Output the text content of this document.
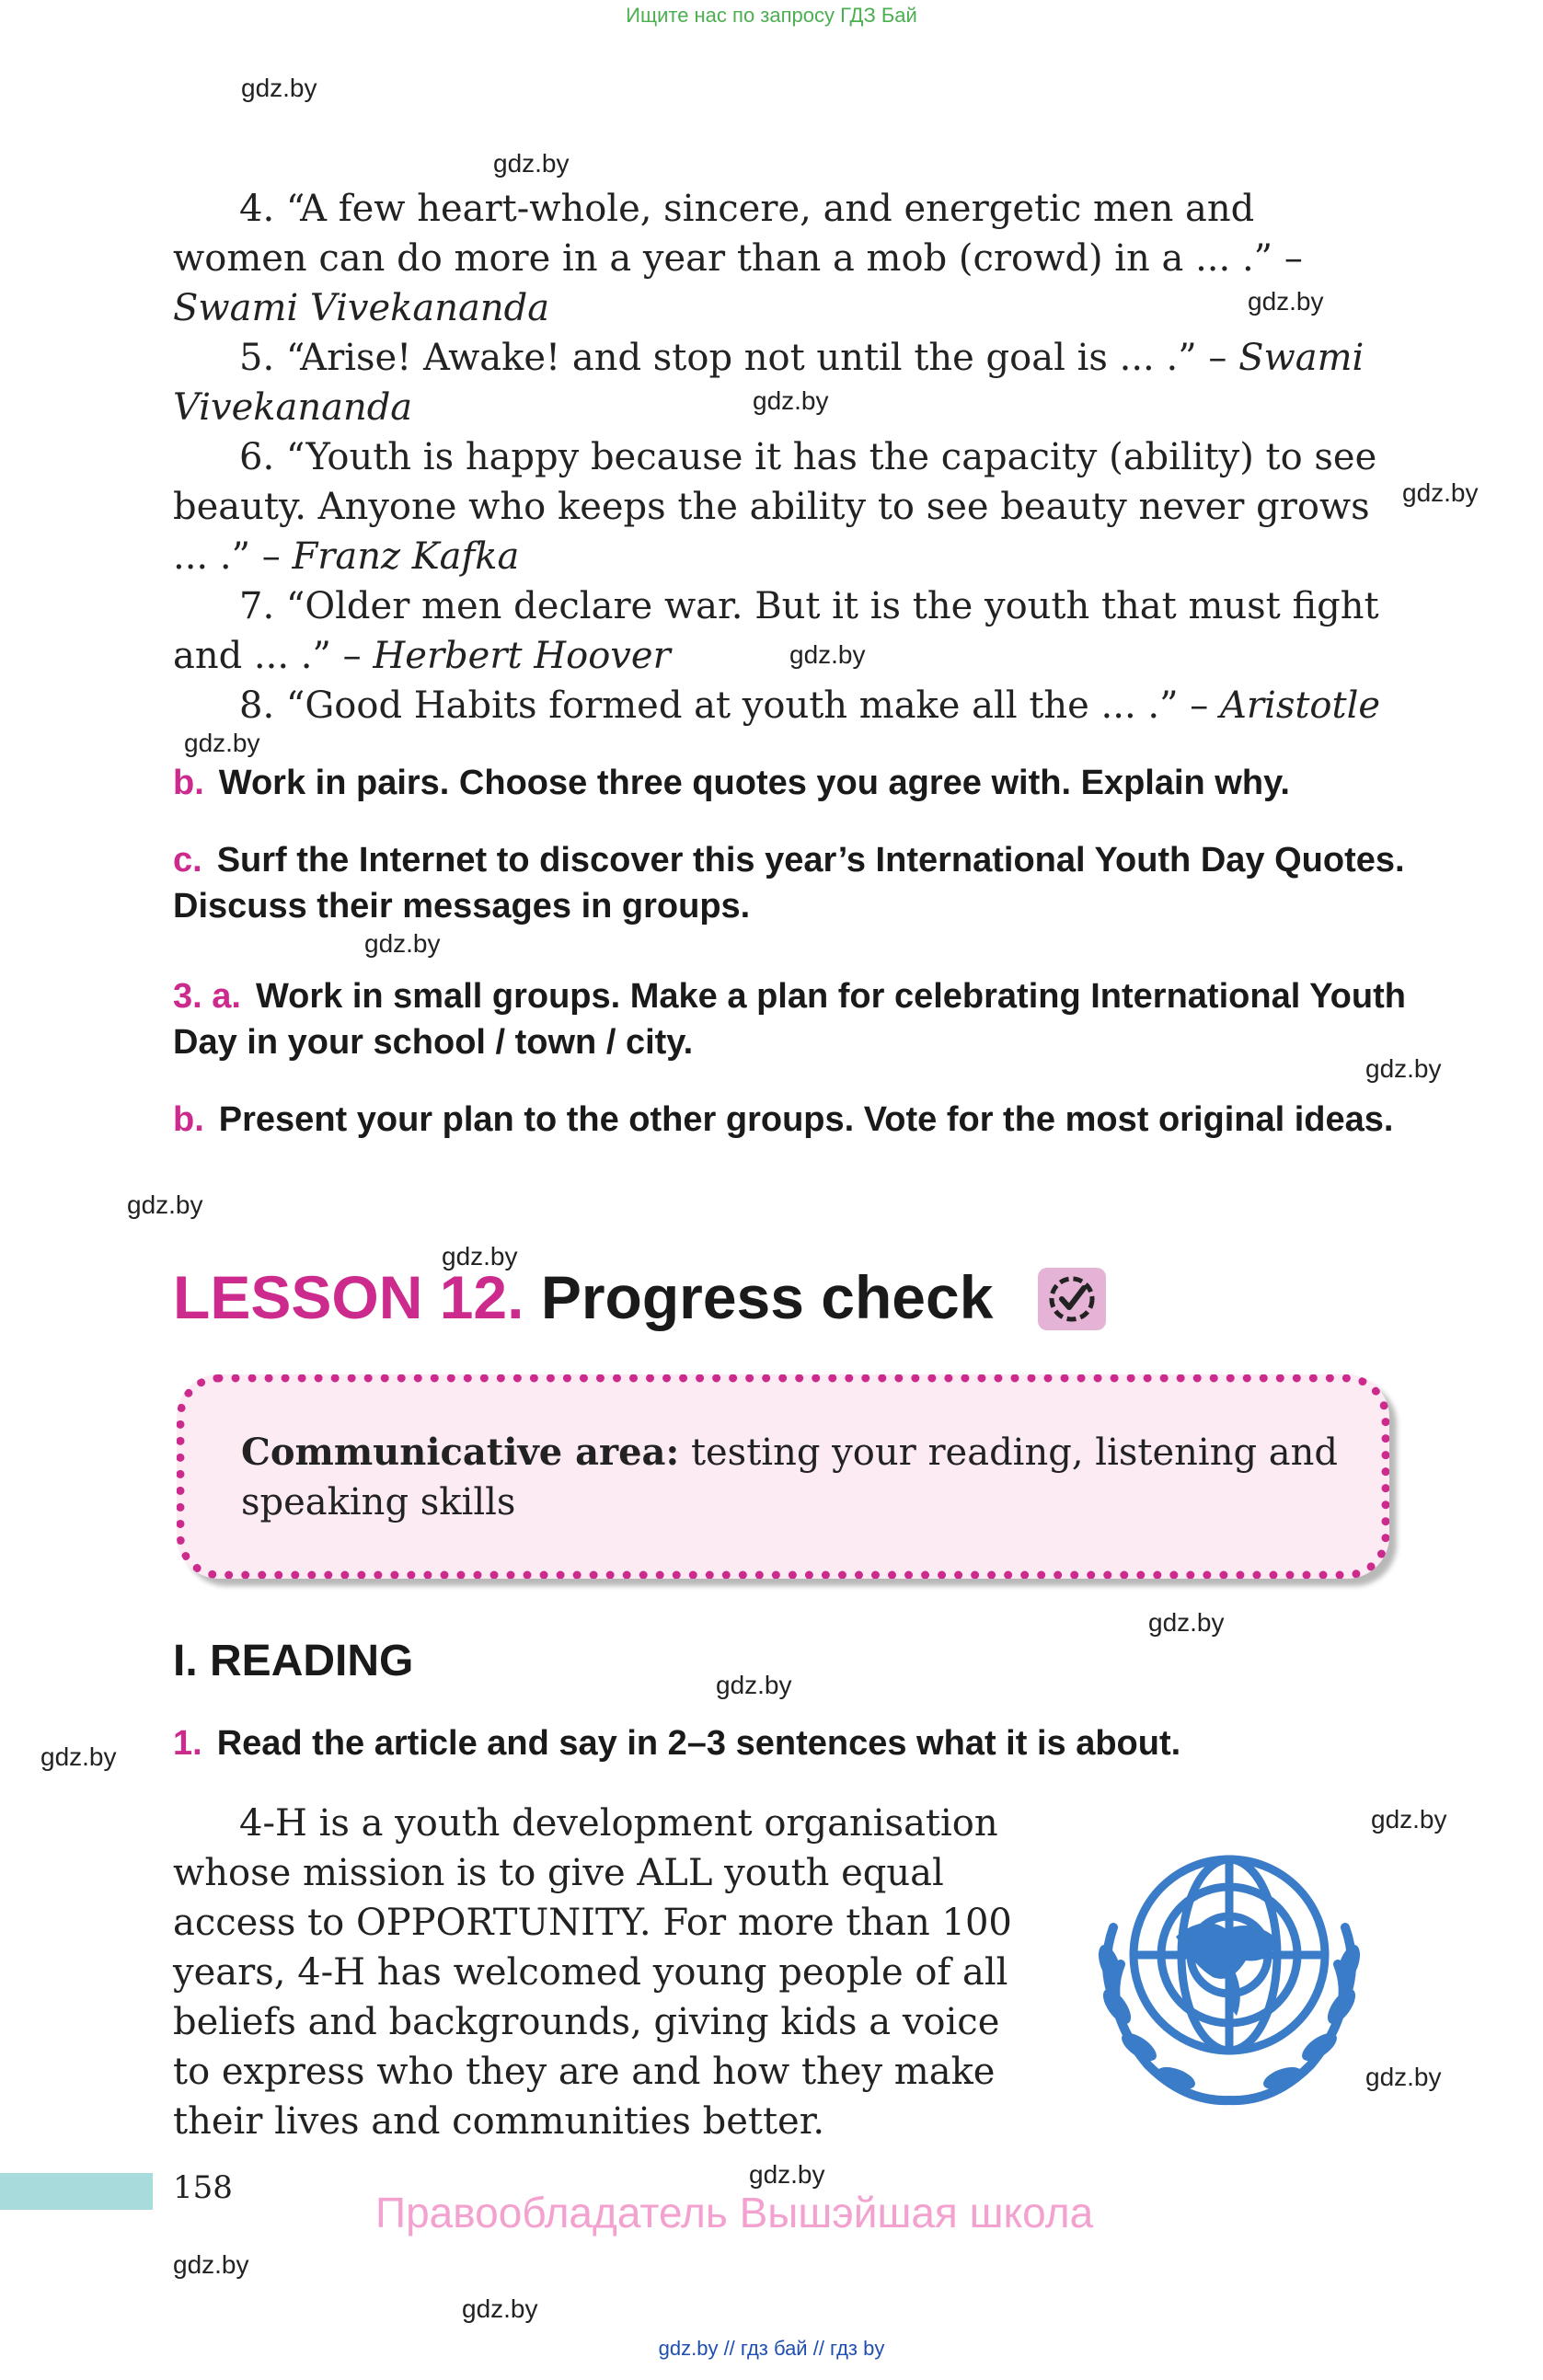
Ищите нас по запросу ГДЗ Бай
gdz.by
gdz.by
gdz.by
gdz.by
gdz.by
gdz.by
gdz.by
gdz.by
gdz.by
gdz.by
gdz.by
gdz.by
gdz.by
gdz.by
gdz.by
gdz.by
gdz.by
gdz.by
gdz.by
4. “A few heart-whole, sincere, and energetic men and women can do more in a year than a mob (crowd) in a ... .” – Swami Vivekananda
5. “Arise! Awake! and stop not until the goal is ... .” – Swami Vivekananda
6. “Youth is happy because it has the capacity (ability) to see beauty. Anyone who keeps the ability to see beauty never grows ... .” – Franz Kafka
7. “Older men declare war. But it is the youth that must fight and ... .” – Herbert Hoover
8. “Good Habits formed at youth make all the ... .” – Aristotle
b. Work in pairs. Choose three quotes you agree with. Explain why.
c. Surf the Internet to discover this year’s International Youth Day Quotes. Discuss their messages in groups.
3. a. Work in small groups. Make a plan for celebrating International Youth Day in your school / town / city.
b. Present your plan to the other groups. Vote for the most original ideas.
LESSON 12. Progress check
Communicative area: testing your reading, listening and speaking skills
I. READING
1. Read the article and say in 2–3 sentences what it is about.
4-H is a youth development organisation whose mission is to give ALL youth equal access to OPPORTUNITY. For more than 100 years, 4-H has welcomed young people of all beliefs and backgrounds, giving kids a voice to express who they are and how they make their lives and communities better.
158
Правообладатель Вышэйшая школа
gdz.by // гдз бай // гдз by
